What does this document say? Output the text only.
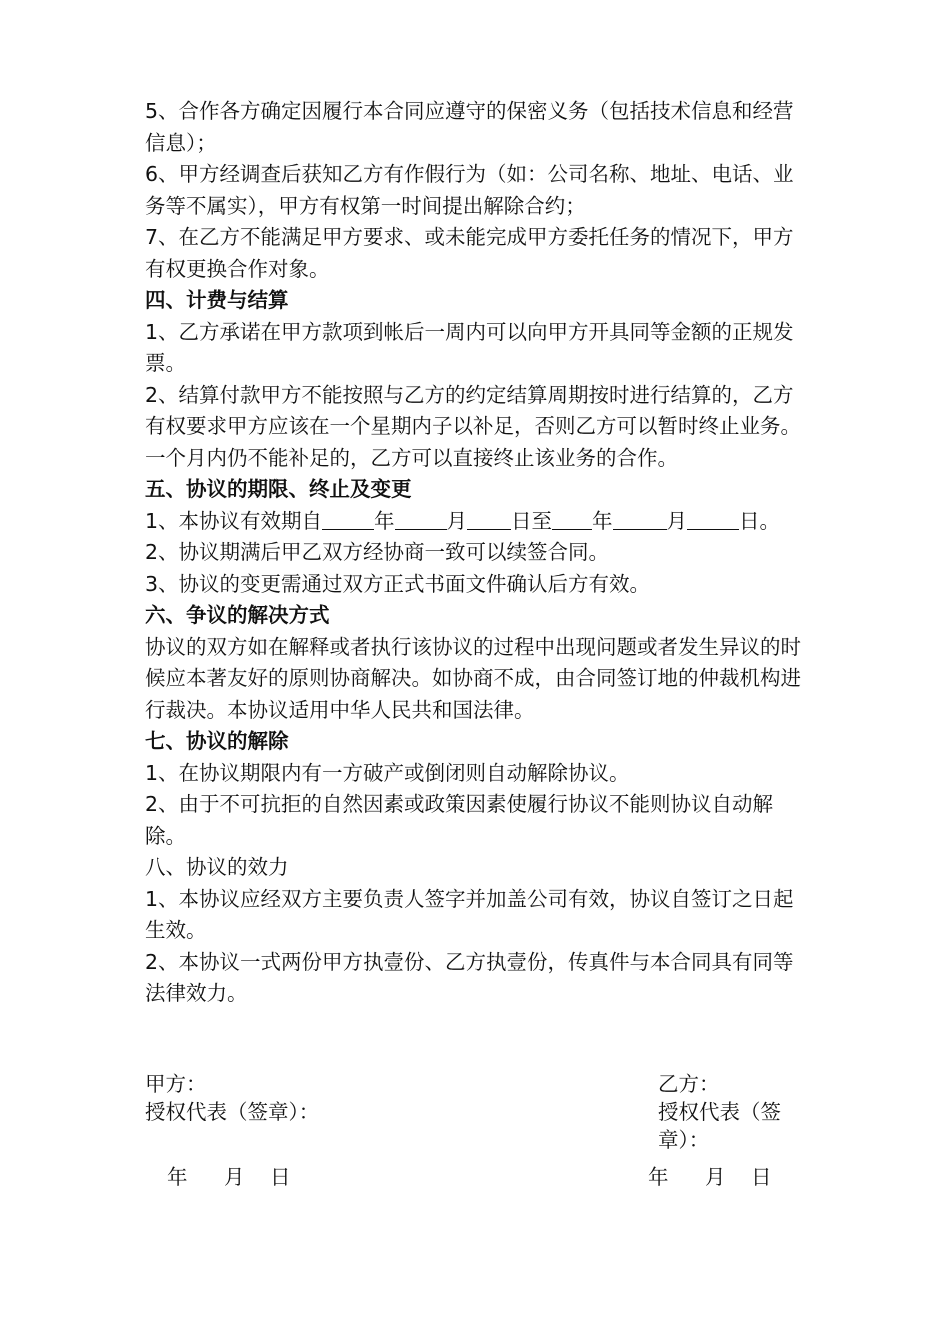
5、合作各方确定因履行本合同应遵守的保密义务（包括技术信息和经营信息）；

6、甲方经调查后获知乙方有作假行为（如：公司名称、地址、电话、业务等不属实），甲方有权第一时间提出解除合约；

7、在乙方不能满足甲方要求、或未能完成甲方委托任务的情况下，甲方有权更换合作对象。

四、计费与结算

1、乙方承诺在甲方款项到帐后一周内可以向甲方开具同等金额的正规发票。

2、结算付款甲方不能按照与乙方的约定结算周期按时进行结算的，乙方有权要求甲方应该在一个星期内子以补足，否则乙方可以暂时终止业务。一个月内仍不能补足的，乙方可以直接终止该业务的合作。

五、协议的期限、终止及变更

1、本协议有效期自	年	月 日至 年	月	日。

2、协议期满后甲乙双方经协商一致可以续签合同。

3、协议的变更需通过双方正式书面文件确认后方有效。

六、争议的解决方式

协议的双方如在解释或者执行该协议的过程中出现问题或者发生异议的时候应本著友好的原则协商解决。如协商不成，由合同签订地的仲裁机构进行裁决。本协议适用中华人民共和国法律。

七、协议的解除

1、在协议期限内有一方破产或倒闭则自动解除协议。

2、由于不可抗拒的自然因素或政策因素使履行协议不能则协议自动解除。

八、协议的效力

1、本协议应经双方主要负责人签字并加盖公司有效，协议自签订之日起生效。

2、本协议一式两份甲方执壹份、乙方执壹份，传真件与本合同具有同等法律效力。

甲方：
授权代表（签章）：
乙方：
授权代表（签章）：
年 月 日	年 月 日
